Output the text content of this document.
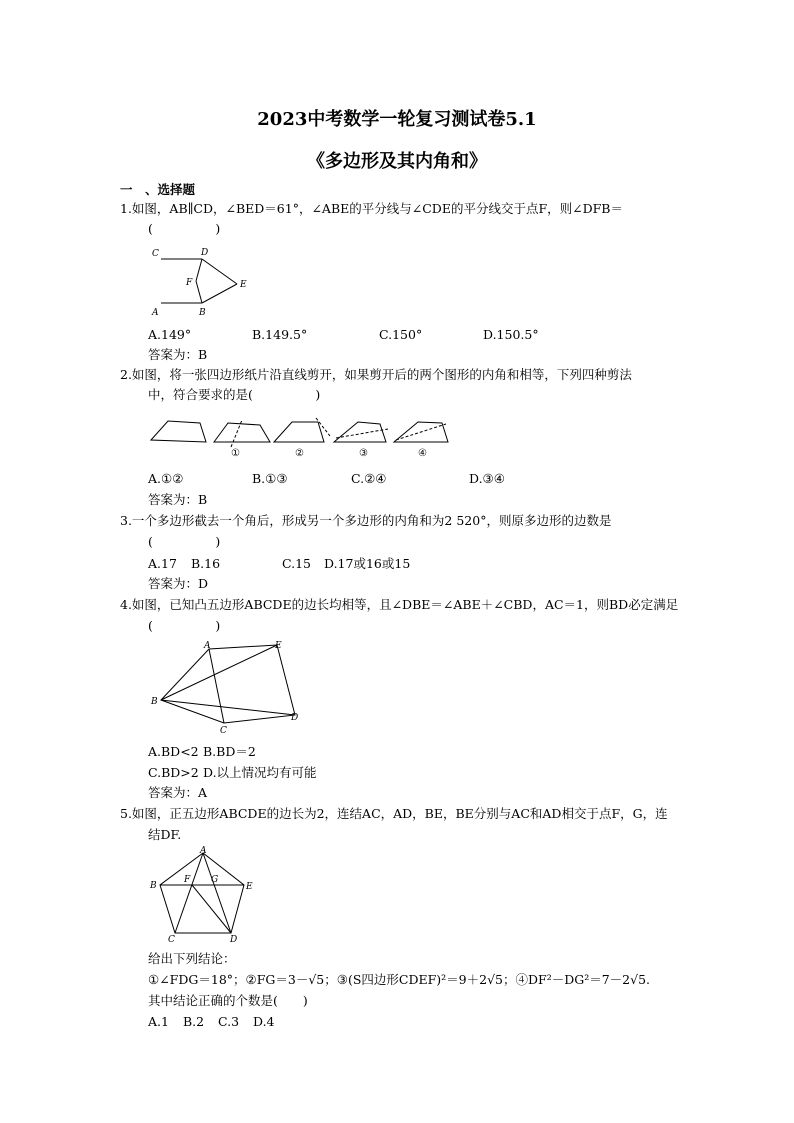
2023中考数学一轮复习测试卷5.1
《多边形及其内角和》
一　、选择题
1.如图，AB∥CD，∠BED＝61°，∠ABE的平分线与∠CDE的平分线交于点F，则∠DFB＝
(　　　　　)
C	D
F	E
A	B
A.149°	B.149.5°	C.150°	D.150.5°
答案为：B
2.如图，将一张四边形纸片沿直线剪开，如果剪开后的两个图形的内角和相等，下列四种剪法
中，符合要求的是(　　　　　)
①	②	③	④
A.①②	B.①③	C.②④	D.③④
答案为：B
3.一个多边形截去一个角后，形成另一个多边形的内角和为2 520°，则原多边形的边数是
(　　　　　)
A.17 B.16	C.15 D.17或16或15
答案为：D
4.如图，已知凸五边形ABCDE的边长均相等，且∠DBE＝∠ABE＋∠CBD，AC＝1，则BD必定满足
(　　　　　)
A	E
B
C
D
A.BD<2 B.BD＝2
C.BD>2 D.以上情况均有可能
答案为：A
5.如图，正五边形ABCDE的边长为2，连结AC，AD，BE，BE分别与AC和AD相交于点F，G，连
结DF.
A
B
F G
E
C	D
给出下列结论：
①∠FDG＝18°；②FG＝3－√5；③(S四边形CDEF)²＝9＋2√5；④DF²－DG²＝7－2√5.
其中结论正确的个数是(　　)
A.1 B.2 C.3 D.4
